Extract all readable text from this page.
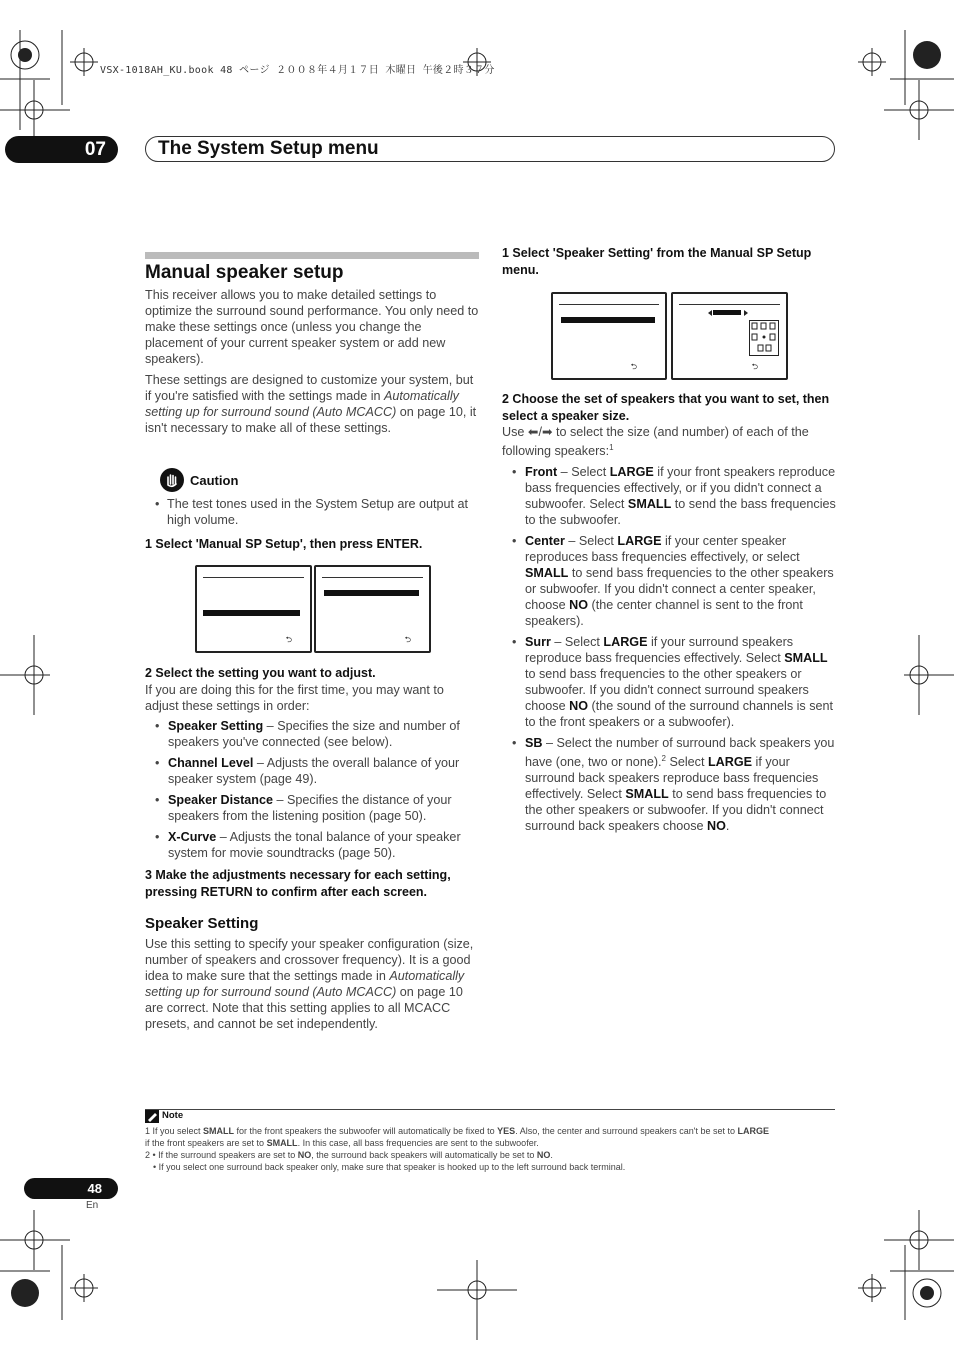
VSX-1018AH_KU.book 48 ページ ２００８年４月１７日 木曜日 午後２時３７分
07	The System Setup menu
Manual speaker setup
This receiver allows you to make detailed settings to optimize the surround sound performance. You only need to make these settings once (unless you change the placement of your current speaker system or add new speakers).
These settings are designed to customize your system, but if you're satisfied with the settings made in Automatically setting up for surround sound (Auto MCACC) on page 10, it isn't necessary to make all of these settings.
Caution
• The test tones used in the System Setup are output at high volume.
1 Select 'Manual SP Setup', then press ENTER.
⮌	⮌
2 Select the setting you want to adjust.
If you are doing this for the first time, you may want to adjust these settings in order:
• Speaker Setting – Specifies the size and number of speakers you've connected (see below).
• Channel Level – Adjusts the overall balance of your speaker system (page 49).
• Speaker Distance – Specifies the distance of your speakers from the listening position (page 50).
• X-Curve – Adjusts the tonal balance of your speaker system for movie soundtracks (page 50).
3 Make the adjustments necessary for each setting, pressing RETURN to confirm after each screen.
Speaker Setting
Use this setting to specify your speaker configuration (size, number of speakers and crossover frequency). It is a good idea to make sure that the settings made in Automatically setting up for surround sound (Auto MCACC) on page 10 are correct. Note that this setting applies to all MCACC presets, and cannot be set independently.
1 Select 'Speaker Setting' from the Manual SP Setup menu.
⮌	⮌
2 Choose the set of speakers that you want to set, then select a speaker size.
Use ⬅/➡ to select the size (and number) of each of the following speakers:$^1$
• Front – Select LARGE if your front speakers reproduce bass frequencies effectively, or if you didn't connect a subwoofer. Select SMALL to send the bass frequencies to the subwoofer.
• Center – Select LARGE if your center speaker reproduces bass frequencies effectively, or select SMALL to send bass frequencies to the other speakers or subwoofer. If you didn't connect a center speaker, choose NO (the center channel is sent to the front speakers).
• Surr – Select LARGE if your surround speakers reproduce bass frequencies effectively. Select SMALL to send bass frequencies to the other speakers or subwoofer. If you didn't connect surround speakers choose NO (the sound of the surround channels is sent to the front speakers or a subwoofer).
• SB – Select the number of surround back speakers you have (one, two or none).$^2$ Select LARGE if your surround back speakers reproduce bass frequencies effectively. Select SMALL to send bass frequencies to the other speakers or subwoofer. If you didn't connect surround back speakers choose NO.
Note
1 If you select SMALL for the front speakers the subwoofer will automatically be fixed to YES. Also, the center and surround speakers can't be set to LARGE
if the front speakers are set to SMALL. In this case, all bass frequencies are sent to the subwoofer.
2 • If the surround speakers are set to NO, the surround back speakers will automatically be set to NO.
• If you select one surround back speaker only, make sure that speaker is hooked up to the left surround back terminal.
48
En
